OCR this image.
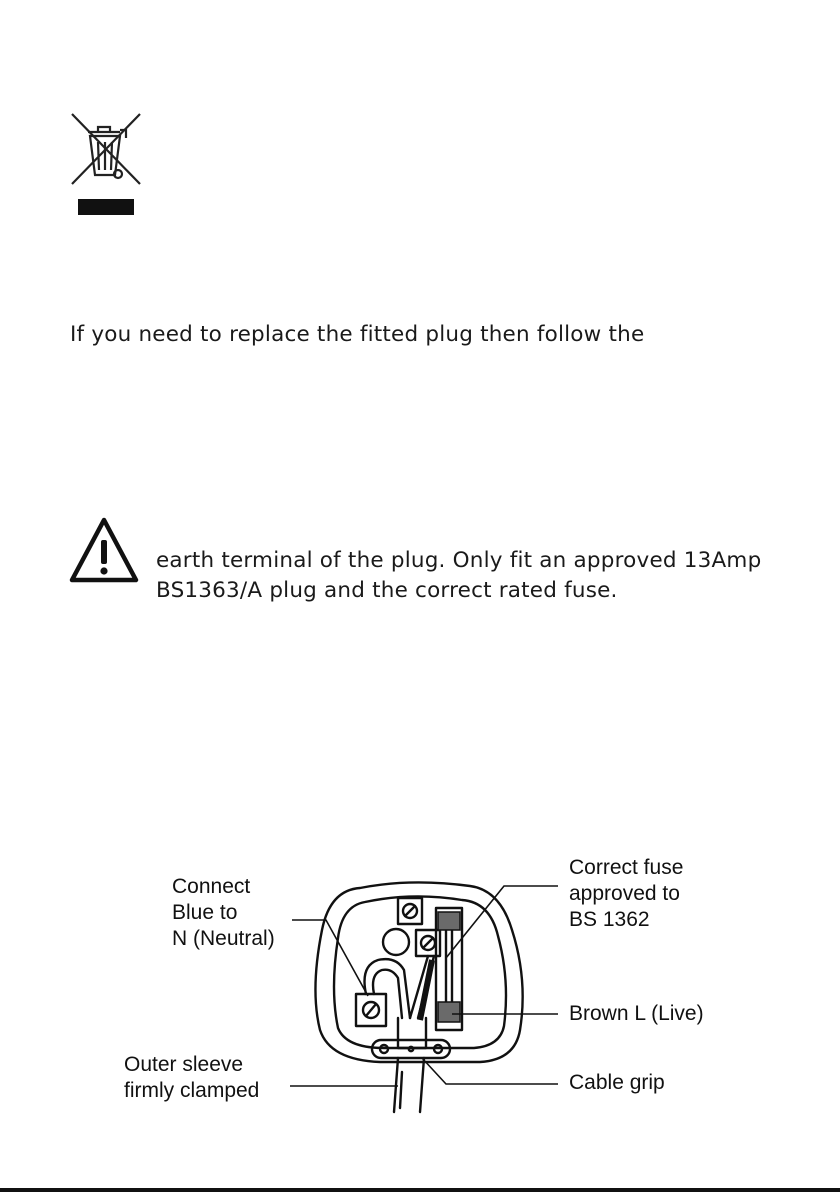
If you need to replace the fitted plug then follow the
earth terminal of the plug. Only fit an approved 13Amp
BS1363/A plug and the correct rated fuse.
Connect
Blue to
N (Neutral)
Correct fuse
approved to
BS 1362
Brown L (Live)
Outer sleeve
firmly clamped	Cable grip
